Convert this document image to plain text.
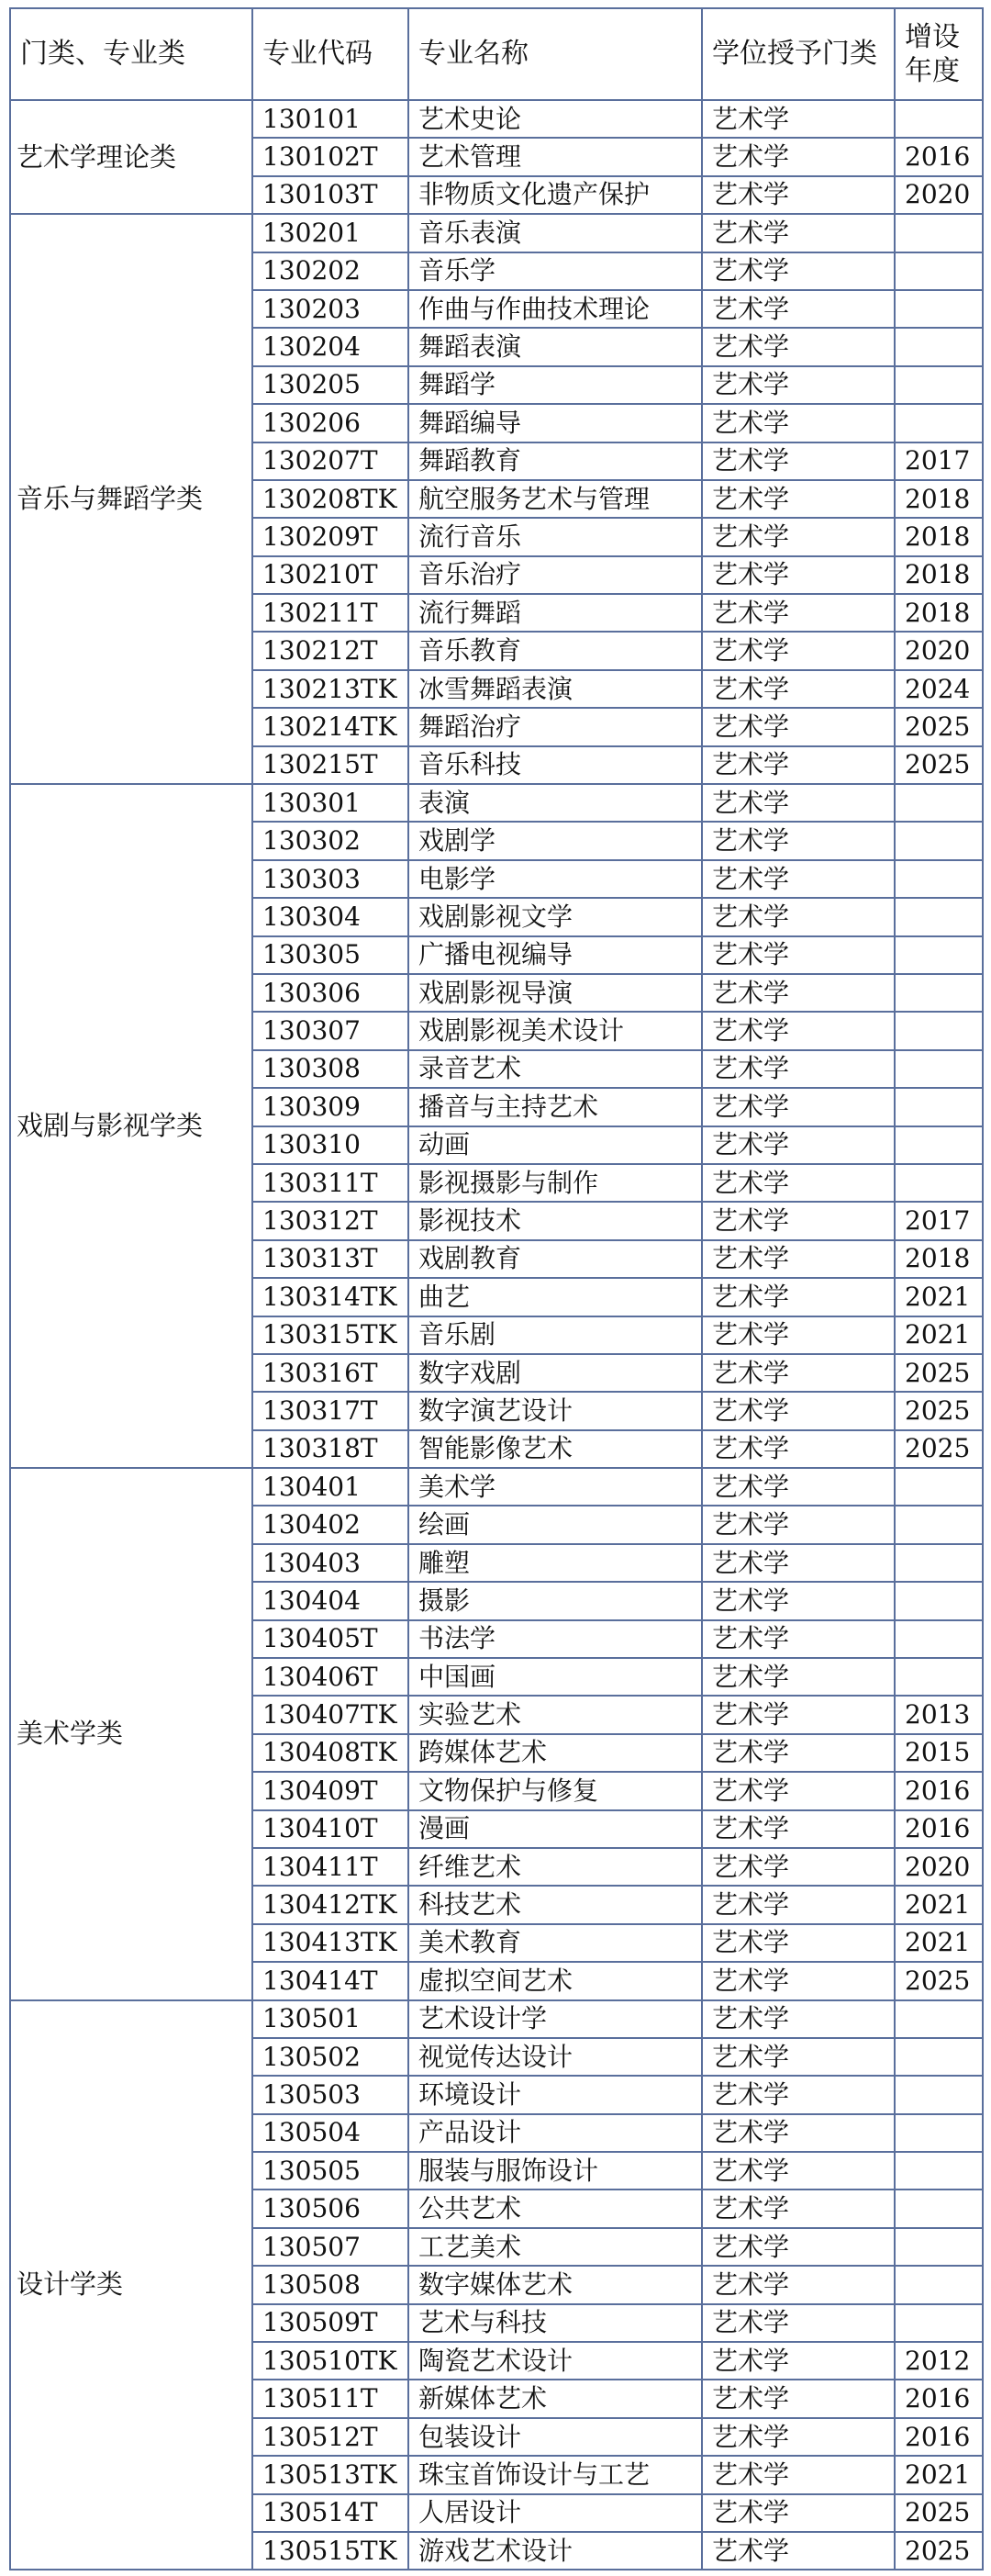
门类、专业类	专业代码	专业名称	学位授予门类	增设年度
艺术学理论类	130101	艺术史论	艺术学	
	130102T	艺术管理	艺术学	2016
	130103T	非物质文化遗产保护	艺术学	2020
音乐与舞蹈学类	130201	音乐表演	艺术学	
	130202	音乐学	艺术学	
	130203	作曲与作曲技术理论	艺术学	
	130204	舞蹈表演	艺术学	
	130205	舞蹈学	艺术学	
	130206	舞蹈编导	艺术学	
	130207T	舞蹈教育	艺术学	2017
	130208TK	航空服务艺术与管理	艺术学	2018
	130209T	流行音乐	艺术学	2018
	130210T	音乐治疗	艺术学	2018
	130211T	流行舞蹈	艺术学	2018
	130212T	音乐教育	艺术学	2020
	130213TK	冰雪舞蹈表演	艺术学	2024
	130214TK	舞蹈治疗	艺术学	2025
	130215T	音乐科技	艺术学	2025
戏剧与影视学类	130301	表演	艺术学	
	130302	戏剧学	艺术学	
	130303	电影学	艺术学	
	130304	戏剧影视文学	艺术学	
	130305	广播电视编导	艺术学	
	130306	戏剧影视导演	艺术学	
	130307	戏剧影视美术设计	艺术学	
	130308	录音艺术	艺术学	
	130309	播音与主持艺术	艺术学	
	130310	动画	艺术学	
	130311T	影视摄影与制作	艺术学	
	130312T	影视技术	艺术学	2017
	130313T	戏剧教育	艺术学	2018
	130314TK	曲艺	艺术学	2021
	130315TK	音乐剧	艺术学	2021
	130316T	数字戏剧	艺术学	2025
	130317T	数字演艺设计	艺术学	2025
	130318T	智能影像艺术	艺术学	2025
美术学类	130401	美术学	艺术学	
	130402	绘画	艺术学	
	130403	雕塑	艺术学	
	130404	摄影	艺术学	
	130405T	书法学	艺术学	
	130406T	中国画	艺术学	
	130407TK	实验艺术	艺术学	2013
	130408TK	跨媒体艺术	艺术学	2015
	130409T	文物保护与修复	艺术学	2016
	130410T	漫画	艺术学	2016
	130411T	纤维艺术	艺术学	2020
	130412TK	科技艺术	艺术学	2021
	130413TK	美术教育	艺术学	2021
	130414T	虚拟空间艺术	艺术学	2025
设计学类	130501	艺术设计学	艺术学	
	130502	视觉传达设计	艺术学	
	130503	环境设计	艺术学	
	130504	产品设计	艺术学	
	130505	服装与服饰设计	艺术学	
	130506	公共艺术	艺术学	
	130507	工艺美术	艺术学	
	130508	数字媒体艺术	艺术学	
	130509T	艺术与科技	艺术学	
	130510TK	陶瓷艺术设计	艺术学	2012
	130511T	新媒体艺术	艺术学	2016
	130512T	包装设计	艺术学	2016
	130513TK	珠宝首饰设计与工艺	艺术学	2021
	130514T	人居设计	艺术学	2025
	130515TK	游戏艺术设计	艺术学	2025
